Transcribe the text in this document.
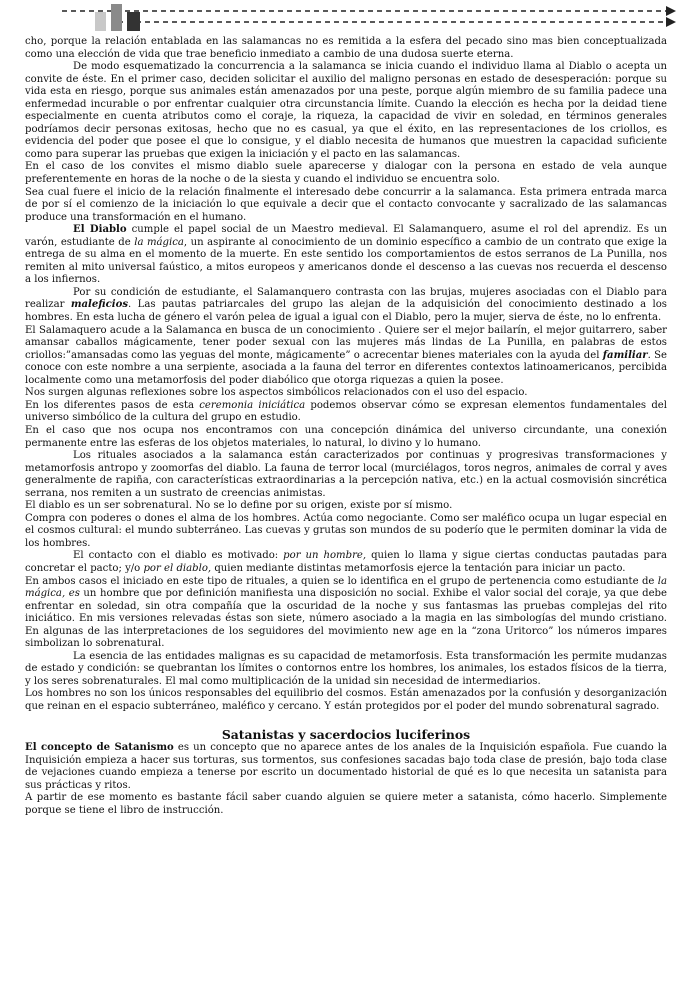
cho, porque la relación entablada en las salamancas no es remitida a la esfera del pecado sino mas bien conceptualizada como una elección de vida que trae beneficio inmediato a cambio de una dudosa suerte eterna.

De modo esquematizado la concurrencia a la salamanca se inicia cuando el individuo llama al Diablo o acepta un convite de éste. En el primer caso, deciden solicitar el auxilio del maligno personas en estado de desesperación: porque su vida esta en riesgo, porque sus animales están amenazados por una peste, porque algún miembro de su familia padece una enfermedad incurable o por enfrentar cualquier otra circunstancia límite. Cuando la elección es hecha por la deidad tiene especialmente en cuenta atributos como el coraje, la riqueza, la capacidad de vivir en soledad, en términos generales podríamos decir personas exitosas, hecho que no es casual, ya que el éxito, en las representaciones de los criollos, es evidencia del poder que posee el que lo consigue, y el diablo necesita de humanos que muestren la capacidad suficiente como para superar las pruebas que exigen la iniciación y el pacto en las salamancas.

En el caso de los convites el mismo diablo suele aparecerse y dialogar con la persona en estado de vela aunque preferentemente en horas de la noche o de la siesta y cuando el individuo se encuentra solo.

Sea cual fuere el inicio de la relación finalmente el interesado debe concurrir a la salamanca. Esta primera entrada marca de por sí el comienzo de la iniciación lo que equivale a decir que el contacto convocante y sacralizado de las salamancas produce una transformación en el humano.

El Diablo cumple el papel social de un Maestro medieval. El Salamanquero, asume el rol del aprendiz. Es un varón, estudiante de la mágica, un aspirante al conocimiento de un dominio específico a cambio de un contrato que exige la entrega de su alma en el momento de la muerte. En este sentido los comportamientos de estos serranos de La Punilla, nos remiten al mito universal faústico, a mitos europeos y americanos donde el descenso a las cuevas nos recuerda el descenso a los infiernos.

Por su condición de estudiante, el Salamanquero contrasta con las brujas, mujeres asociadas con el Diablo para realizar maleficios. Las pautas patriarcales del grupo las alejan de la adquisición del conocimiento destinado a los hombres. En esta lucha de género el varón pelea de igual a igual con el Diablo, pero la mujer, sierva de éste, no lo enfrenta.

El Salamaquero acude a la Salamanca en busca de un conocimiento . Quiere ser el mejor bailarín, el mejor guitarrero, saber amansar caballos mágicamente, tener poder sexual con las mujeres más lindas de La Punilla, en palabras de estos criollos:”amansadas como las yeguas del monte, mágicamente” o acrecentar bienes materiales con la ayuda del familiar. Se conoce con este nombre a una serpiente, asociada a la fauna del terror en diferentes contextos latinoamericanos, percibida localmente como una metamorfosis del poder diabólico que otorga riquezas a quien la posee.

Nos surgen algunas reflexiones sobre los aspectos simbólicos relacionados con el uso del espacio.

En los diferentes pasos de esta ceremonia iniciática podemos observar cómo se expresan elementos fundamentales del universo simbólico de la cultura del grupo en estudio.

En el caso que nos ocupa nos encontramos con una concepción dinámica del universo circundante, una conexión permanente entre las esferas de los objetos materiales, lo natural, lo divino y lo humano.

Los rituales asociados a la salamanca están caracterizados por continuas y progresivas transformaciones y metamorfosis antropo y zoomorfas del diablo. La fauna de terror local (murciélagos, toros negros, animales de corral y aves generalmente de rapiña, con características extraordinarias a la percepción nativa, etc.) en la actual cosmovisión sincrética serrana, nos remiten a un sustrato de creencias animistas.

El diablo es un ser sobrenatural. No se lo define por su origen, existe por sí mismo.

Compra con poderes o dones el alma de los hombres. Actúa como negociante. Como ser maléfico ocupa un lugar especial en el cosmos cultural: el mundo subterráneo. Las cuevas y grutas son mundos de su poderío que le permiten dominar la vida de los hombres.

El contacto con el diablo es motivado: por un hombre, quien lo llama y sigue ciertas conductas pautadas para concretar el pacto; y/o por el diablo, quien mediante distintas metamorfosis ejerce la tentación para iniciar un pacto.

En ambos casos el iniciado en este tipo de rituales, a quien se lo identifica en el grupo de pertenencia como estudiante de la mágica, es un hombre que por definición manifiesta una disposición no social. Exhibe el valor social del coraje, ya que debe enfrentar en soledad, sin otra compañía que la oscuridad de la noche y sus fantasmas las pruebas complejas del rito iniciático. En mis versiones relevadas éstas son siete, número asociado a la magia en las simbologías del mundo cristiano. En algunas de las interpretaciones de los seguidores del movimiento new age en la “zona Uritorco” los números impares simbolizan lo sobrenatural.

La esencia de las entidades malignas es su capacidad de metamorfosis. Esta transformación les permite mudanzas de estado y condición: se quebrantan los límites o contornos entre los hombres, los animales, los estados físicos de la tierra, y los seres sobrenaturales. El mal como multiplicación de la unidad sin necesidad de intermediarios.

Los hombres no son los únicos responsables del equilibrio del cosmos. Están amenazados por la confusión y desorganización que reinan en el espacio subterráneo, maléfico y cercano. Y están protegidos por el poder del mundo sobrenatural sagrado.

Satanistas y sacerdocios luciferinos

El concepto de Satanismo es un concepto que no aparece antes de los anales de la Inquisición española. Fue cuando la Inquisición empieza a hacer sus torturas, sus tormentos, sus confesiones sacadas bajo toda clase de presión, bajo toda clase de vejaciones cuando empieza a tenerse por escrito un documentado historial de qué es lo que necesita un satanista para sus prácticas y ritos.

A partir de ese momento es bastante fácil saber cuando alguien se quiere meter a satanista, cómo hacerlo. Simplemente porque se tiene el libro de instrucción.
